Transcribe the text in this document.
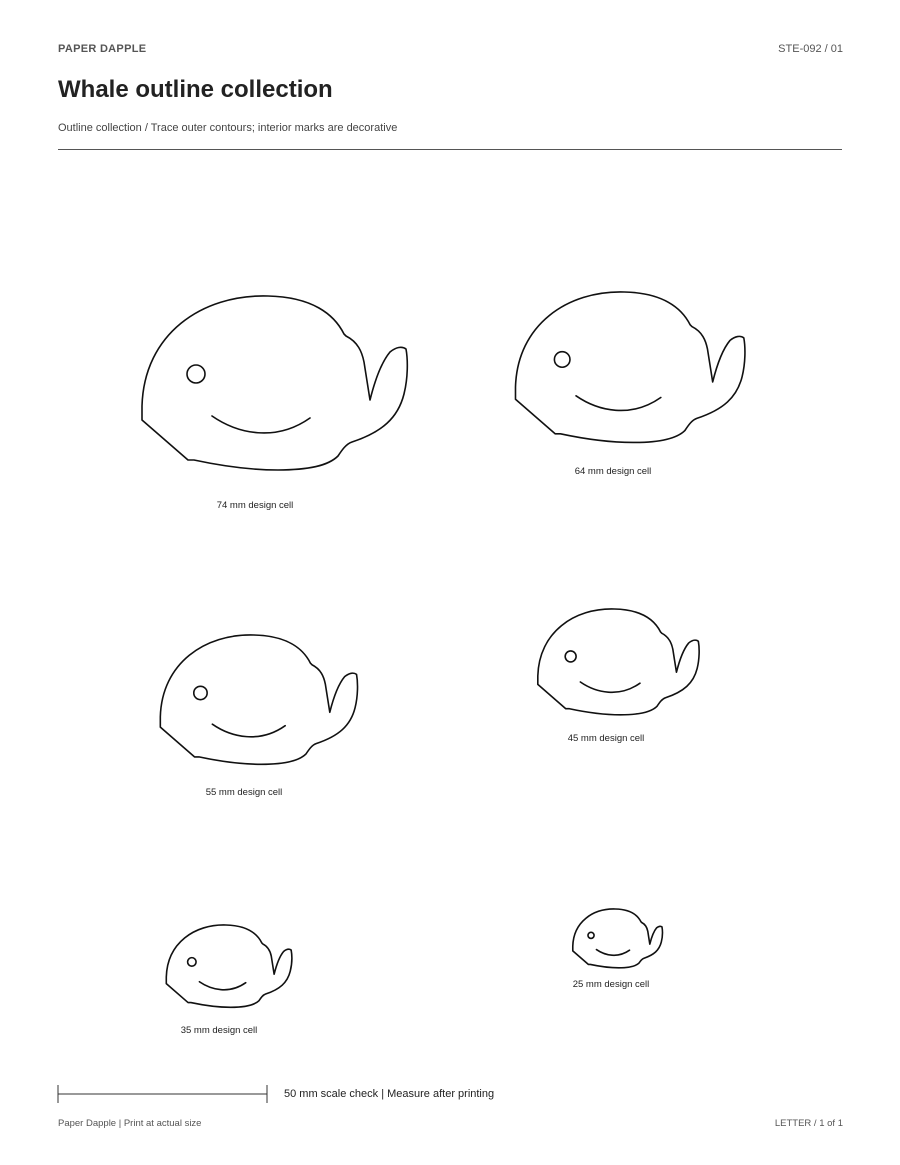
PAPER DAPPLE	STE-092 / 01
Whale outline collection
Outline collection / Trace outer contours; interior marks are decorative
74 mm design cell
64 mm design cell
55 mm design cell
45 mm design cell
35 mm design cell
25 mm design cell
50 mm scale check | Measure after printing
Paper Dapple | Print at actual size	LETTER / 1 of 1
